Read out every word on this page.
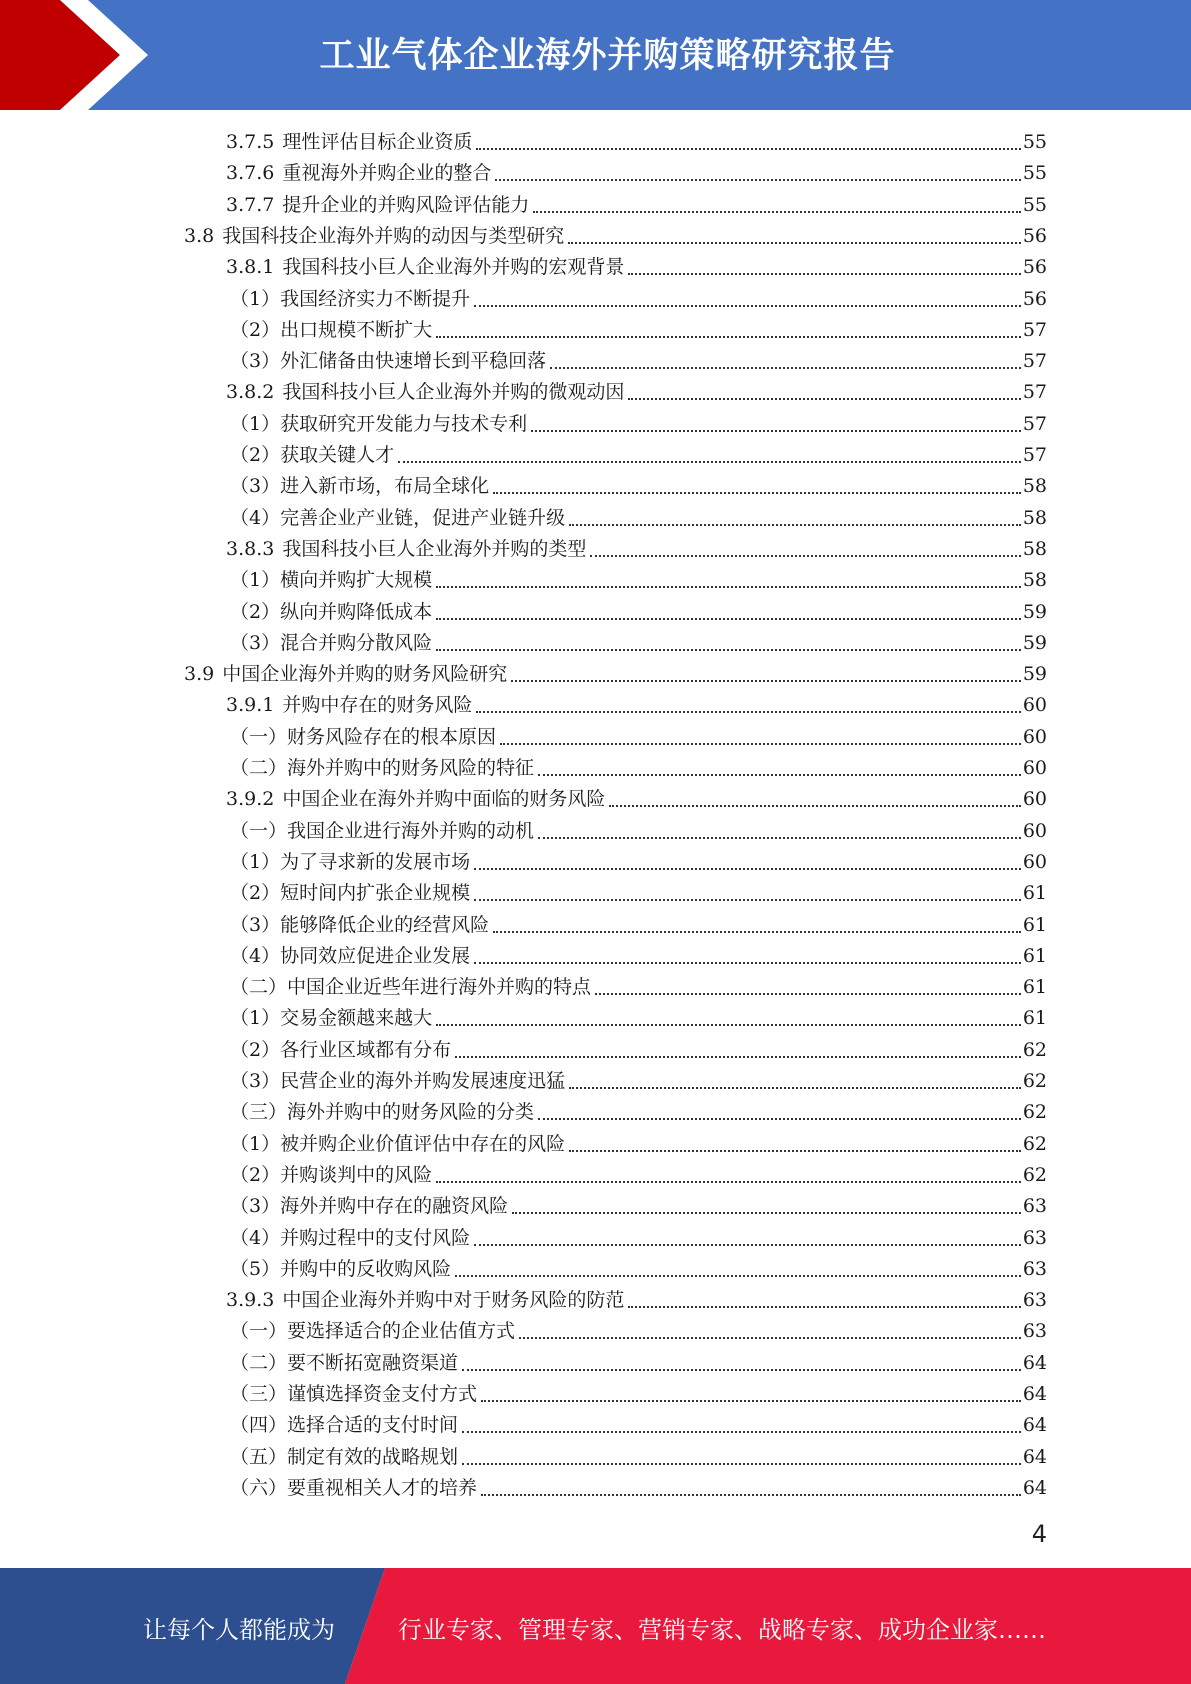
工业气体企业海外并购策略研究报告
3.7.5 理性评估目标企业资质	55
3.7.6 重视海外并购企业的整合	55
3.7.7 提升企业的并购风险评估能力	55
3.8 我国科技企业海外并购的动因与类型研究	56
3.8.1 我国科技小巨人企业海外并购的宏观背景	56
（1）我国经济实力不断提升	56
（2）出口规模不断扩大	57
（3）外汇储备由快速增长到平稳回落	57
3.8.2 我国科技小巨人企业海外并购的微观动因	57
（1）获取研究开发能力与技术专利	57
（2）获取关键人才	57
（3）进入新市场，布局全球化	58
（4）完善企业产业链，促进产业链升级	58
3.8.3 我国科技小巨人企业海外并购的类型	58
（1）横向并购扩大规模	58
（2）纵向并购降低成本	59
（3）混合并购分散风险	59
3.9 中国企业海外并购的财务风险研究	59
3.9.1 并购中存在的财务风险	60
（一）财务风险存在的根本原因	60
（二）海外并购中的财务风险的特征	60
3.9.2 中国企业在海外并购中面临的财务风险	60
（一）我国企业进行海外并购的动机	60
（1）为了寻求新的发展市场	60
（2）短时间内扩张企业规模	61
（3）能够降低企业的经营风险	61
（4）协同效应促进企业发展	61
（二）中国企业近些年进行海外并购的特点	61
（1）交易金额越来越大	61
（2）各行业区域都有分布	62
（3）民营企业的海外并购发展速度迅猛	62
（三）海外并购中的财务风险的分类	62
（1）被并购企业价值评估中存在的风险	62
（2）并购谈判中的风险	62
（3）海外并购中存在的融资风险	63
（4）并购过程中的支付风险	63
（5）并购中的反收购风险	63
3.9.3 中国企业海外并购中对于财务风险的防范	63
（一）要选择适合的企业估值方式	63
（二）要不断拓宽融资渠道	64
（三）谨慎选择资金支付方式	64
（四）选择合适的支付时间	64
（五）制定有效的战略规划	64
（六）要重视相关人才的培养	64
4
让每个人都能成为	行业专家、管理专家、营销专家、战略专家、成功企业家……
